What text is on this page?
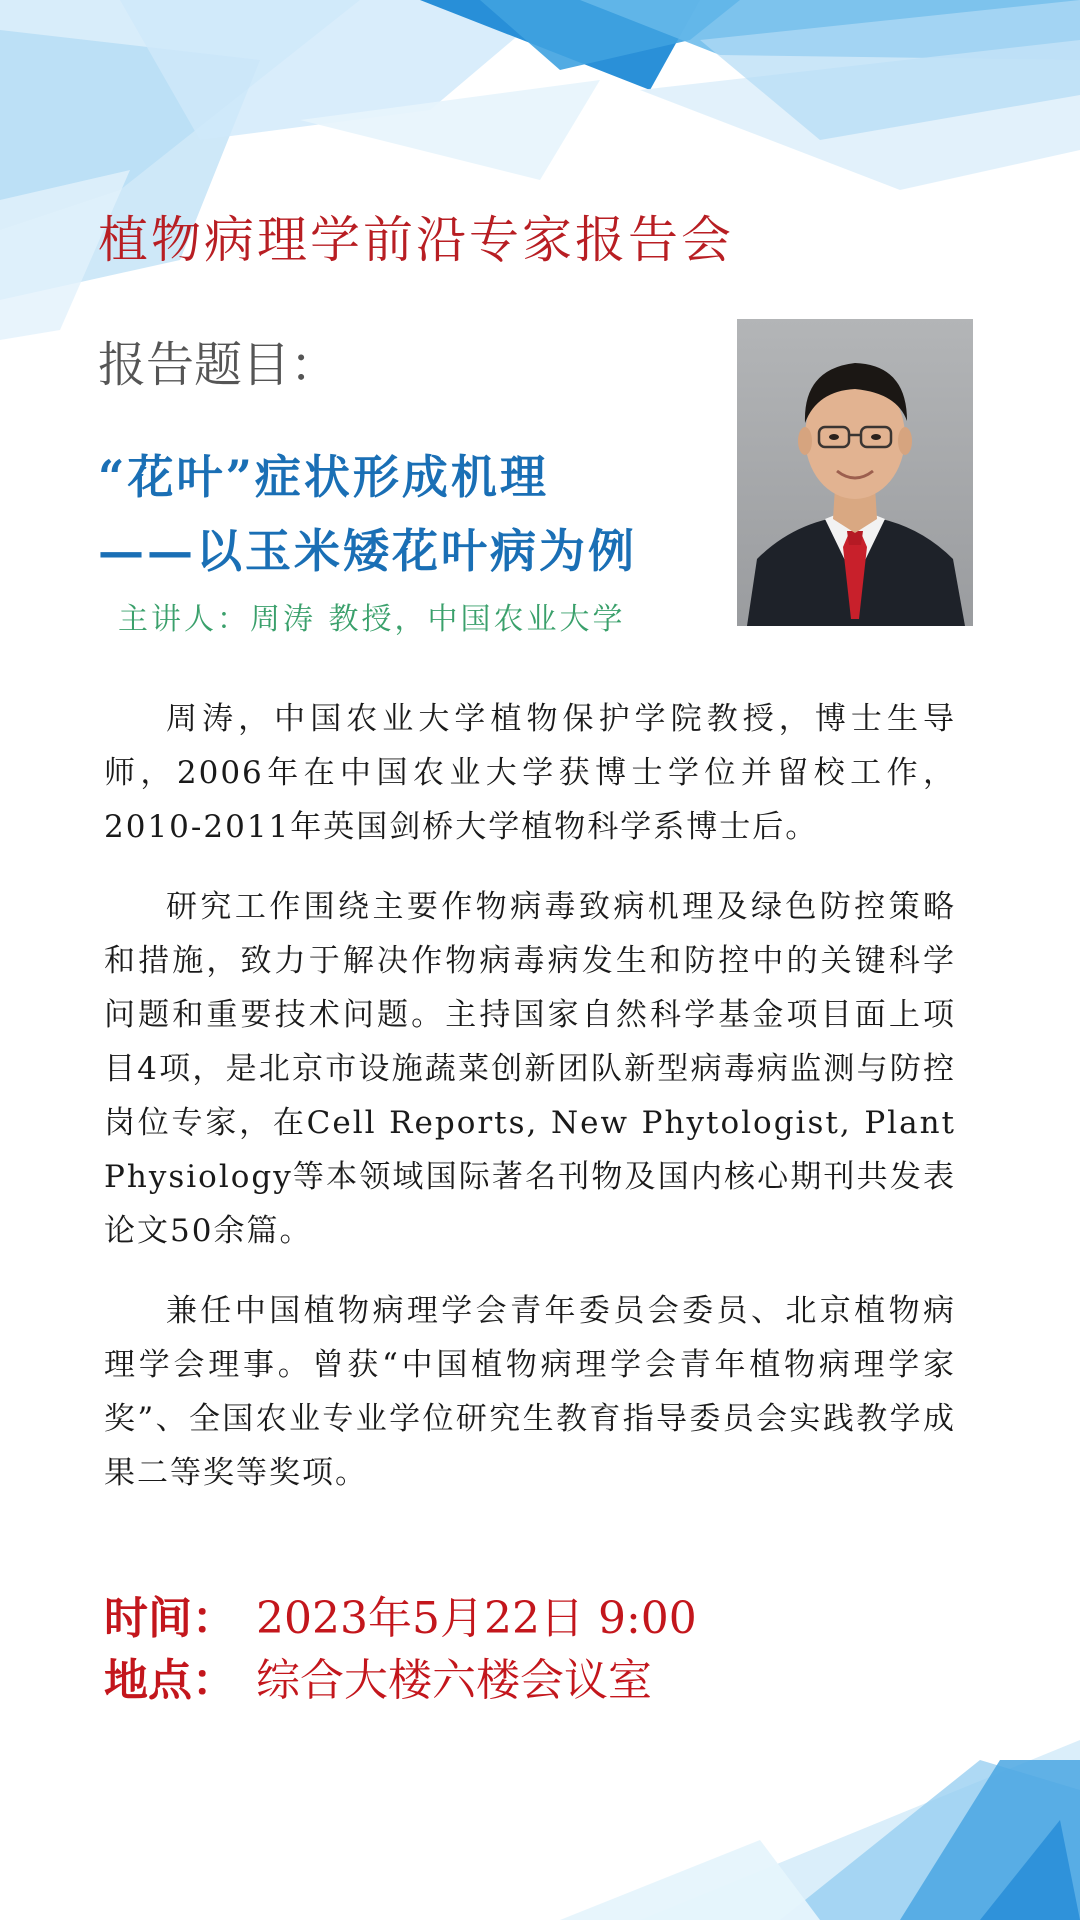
植物病理学前沿专家报告会
报告题目：
“花叶”症状形成机理
——以玉米矮花叶病为例
主讲人：周涛 教授，中国农业大学

周涛，中国农业大学植物保护学院教授，博士生导师，2006年在中国农业大学获博士学位并留校工作，2010-2011年英国剑桥大学植物科学系博士后。

研究工作围绕主要作物病毒致病机理及绿色防控策略和措施，致力于解决作物病毒病发生和防控中的关键科学问题和重要技术问题。主持国家自然科学基金项目面上项目4项，是北京市设施蔬菜创新团队新型病毒病监测与防控岗位专家，在Cell Reports, New Phytologist, Plant Physiology等本领域国际著名刊物及国内核心期刊共发表论文50余篇。

兼任中国植物病理学会青年委员会委员、北京植物病理学会理事。曾获“中国植物病理学会青年植物病理学家奖”、全国农业专业学位研究生教育指导委员会实践教学成果二等奖等奖项。

时间： 2023年5月22日 9:00
地点： 综合大楼六楼会议室
